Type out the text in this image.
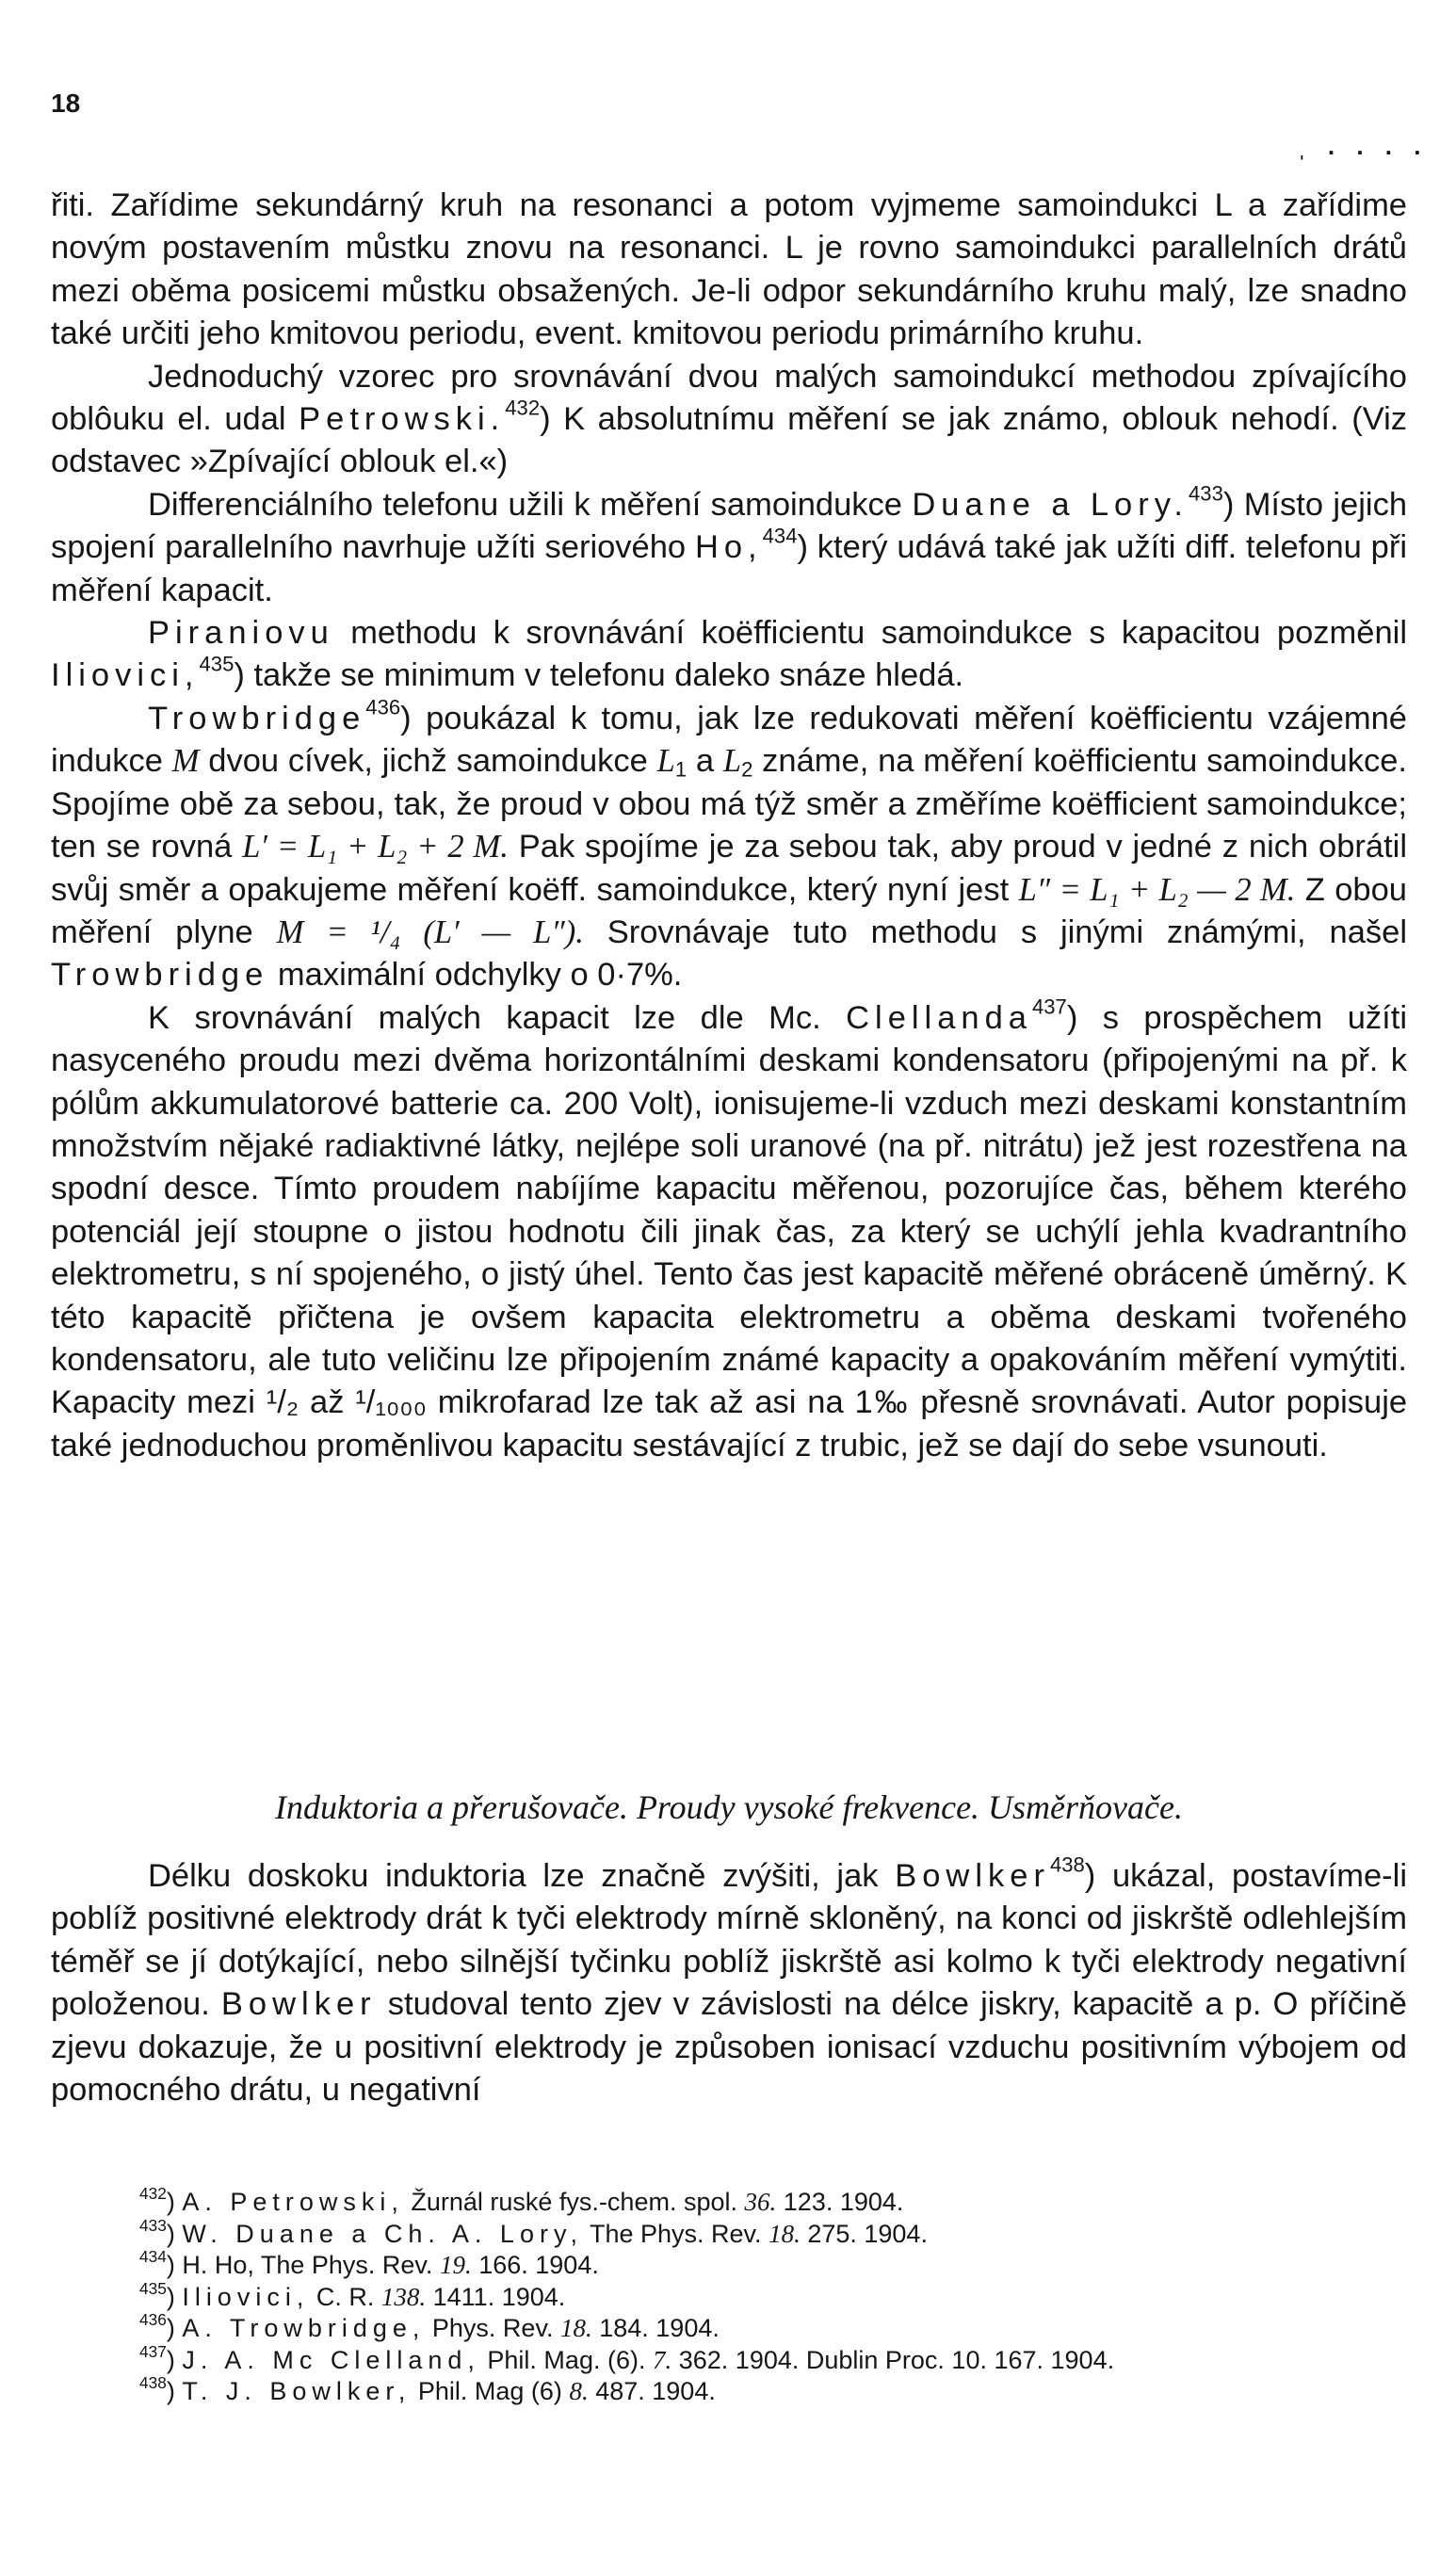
18
ˌ . . . .

řiti. Zařídime sekundárný kruh na resonanci a potom vyjmeme samoindukci L a zařídime novým postavením můstku znovu na resonanci. L je rovno samoindukci parallelních drátů mezi oběma posicemi můstku obsažených. Je-li odpor sekundárního kruhu malý, lze snadno také určiti jeho kmitovou periodu, event. kmitovou periodu primárního kruhu.

Jednoduchý vzorec pro srovnávání dvou malých samoindukcí methodou zpívajícího oblôuku el. udal Petrowski.$^{432}$) K absolutnímu měření se jak známo, oblouk nehodí. (Viz odstavec »Zpívající oblouk el.«)

Differenciálního telefonu užili k měření samoindukce Duane a Lory.$^{433}$) Místo jejich spojení parallelního navrhuje užíti seriového Ho,$^{434}$) který udává také jak užíti diff. telefonu při měření kapacit.

Piraniovu methodu k srovnávání koëfficientu samoindukce s kapacitou pozměnil Iliovici,$^{435}$) takže se minimum v telefonu daleko snáze hledá.

Trowbridge$^{436}$) poukázal k tomu, jak lze redukovati měření koëfficientu vzájemné indukce M dvou cívek, jichž samoindukce $L_1$ a $L_2$ známe, na měření koëfficientu samoindukce. Spojíme obě za sebou, tak, že proud v obou má týž směr a změříme koëfficient samoindukce; ten se rovná L′ = L₁ + L₂ + 2 M. Pak spojíme je za sebou tak, aby proud v jedné z nich obrátil svůj směr a opakujeme měření koëff. samoindukce, který nyní jest L″ = L₁ + L₂ — 2 M. Z obou měření plyne M = ¹/₄ (L′ — L″). Srovnávaje tuto methodu s jinými známými, našel Trowbridge maximální odchylky o 0·7%.

K srovnávání malých kapacit lze dle Mc. Clellanda$^{437}$) s prospěchem užíti nasyceného proudu mezi dvěma horizontálními deskami kondensatoru (připojenými na př. k pólům akkumulatorové batterie ca. 200 Volt), ionisujeme-li vzduch mezi deskami konstantním množstvím nějaké radiaktivné látky, nejlépe soli uranové (na př. nitrátu) jež jest rozestřena na spodní desce. Tímto proudem nabíjíme kapacitu měřenou, pozorujíce čas, během kterého potenciál její stoupne o jistou hodnotu čili jinak čas, za který se uchýlí jehla kvadrantního elektrometru, s ní spojeného, o jistý úhel. Tento čas jest kapacitě měřené obráceně úměrný. K této kapacitě přičtena je ovšem kapacita elektrometru a oběma deskami tvořeného kondensatoru, ale tuto veličinu lze připojením známé kapacity a opakováním měření vymýtiti. Kapacity mezi ¹/₂ až ¹/₁₀₀₀ mikrofarad lze tak až asi na 1‰ přesně srovnávati. Autor popisuje také jednoduchou proměnlivou kapacitu sestávající z trubic, jež se dají do sebe vsunouti.

Induktoria a přerušovače. Proudy vysoké frekvence. Usměrňovače.

Délku doskoku induktoria lze značně zvýšiti, jak Bowlker$^{438}$) ukázal, postavíme-li poblíž positivné elektrody drát k tyči elektrody mírně skloněný, na konci od jiskrště odlehlejším téměř se jí dotýkající, nebo silnější tyčinku poblíž jiskrště asi kolmo k tyči elektrody negativní položenou. Bowlker studoval tento zjev v závislosti na délce jiskry, kapacitě a p. O příčině zjevu dokazuje, že u positivní elektrody je způsoben ionisací vzduchu positivním výbojem od pomocného drátu, u negativní

$^{432}$) A. Petrowski, Žurnál ruské fys.-chem. spol. 36. 123. 1904.
$^{433}$) W. Duane a Ch. A. Lory, The Phys. Rev. 18. 275. 1904.
$^{434}$) H. Ho, The Phys. Rev. 19. 166. 1904.
$^{435}$) Iliovici, C. R. 138. 1411. 1904.
$^{436}$) A. Trowbridge, Phys. Rev. 18. 184. 1904.
$^{437}$) J. A. Mc Clelland, Phil. Mag. (6). 7. 362. 1904. Dublin Proc. 10. 167. 1904.
$^{438}$) T. J. Bowlker, Phil. Mag (6) 8. 487. 1904.
